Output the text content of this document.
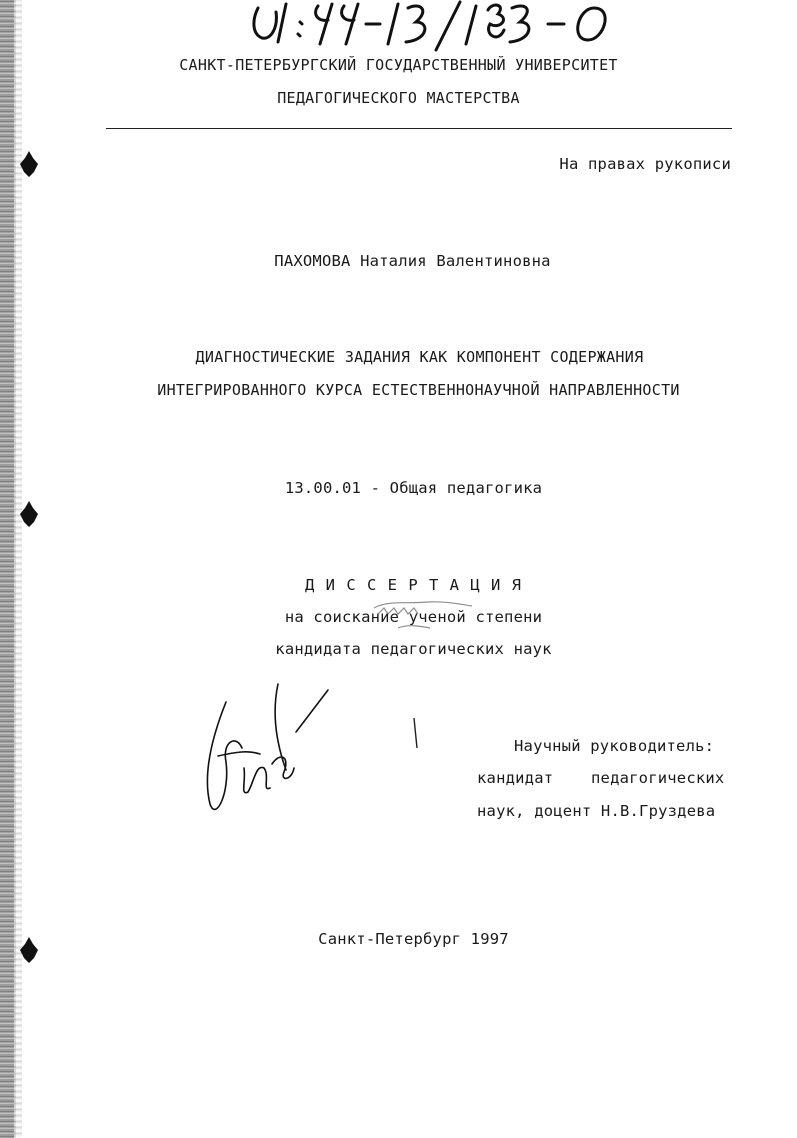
САНКТ-ПЕТЕРБУРГСКИЙ ГОСУДАРСТВЕННЫЙ УНИВЕРСИТЕТ
ПЕДАГОГИЧЕСКОГО МАСТЕРСТВА
На правах рукописи
ПАХОМОВА Наталия Валентиновна
ДИАГНОСТИЧЕСКИЕ ЗАДАНИЯ КАК КОМПОНЕНТ СОДЕРЖАНИЯ
ИНТЕГРИРОВАННОГО КУРСА ЕСТЕСТВЕННОНАУЧНОЙ НАПРАВЛЕННОСТИ
13.00.01 - Общая педагогика
Д И С С Е Р Т А Ц И Я
на соискание ученой степени
кандидата педагогических наук
Научный руководитель:
кандидат педагогических
наук, доцент Н.В.Груздева
Санкт-Петербург 1997
